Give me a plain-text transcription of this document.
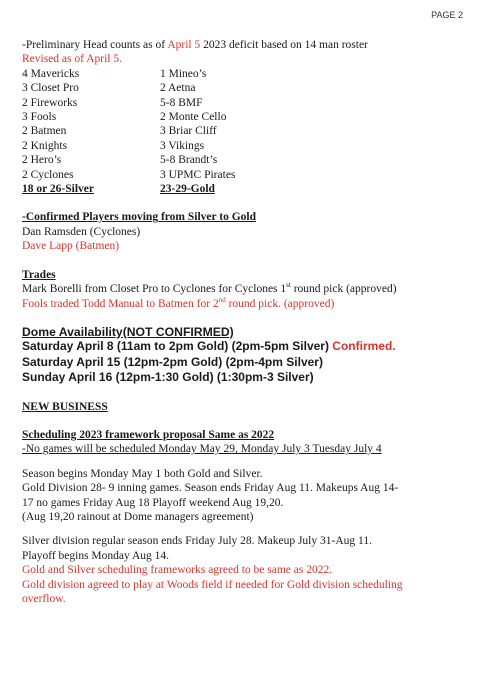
PAGE 2
-Preliminary Head counts as of April 5 2023 deficit based on 14 man roster
Revised as of April 5.
4 Mavericks
3 Closet Pro
2 Fireworks
3 Fools
2 Batmen
2 Knights
2 Hero’s
2 Cyclones
18 or 26-Silver
1 Mineo’s
2 Aetna
5-8 BMF
2 Monte Cello
3 Briar Cliff
3 Vikings
5-8 Brandt’s
3 UPMC Pirates
23-29-Gold
-Confirmed Players moving from Silver to Gold
Dan Ramsden (Cyclones)
Dave Lapp (Batmen)
Trades
Mark Borelli from Closet Pro to Cyclones for Cyclones 1st round pick (approved)
Fools traded Todd Manual to Batmen for 2nd round pick. (approved)
Dome Availability(NOT CONFIRMED)
Saturday April 8 (11am to 2pm Gold) (2pm-5pm Silver) Confirmed.
Saturday April 15 (12pm-2pm Gold) (2pm-4pm Silver)
Sunday April 16 (12pm-1:30 Gold) (1:30pm-3 Silver)
NEW BUSINESS
Scheduling 2023 framework proposal Same as 2022
-No games will be scheduled Monday May 29, Monday July 3 Tuesday July 4
Season begins Monday May 1 both Gold and Silver.
Gold Division 28- 9 inning games. Season ends Friday Aug 11. Makeups Aug 14-
17 no games Friday Aug 18 Playoff weekend Aug 19,20.
(Aug 19,20 rainout at Dome managers agreement)
Silver division regular season ends Friday July 28. Makeup July 31-Aug 11.
Playoff begins Monday Aug 14.
Gold and Silver scheduling frameworks agreed to be same as 2022.
Gold division agreed to play at Woods field if needed for Gold division scheduling
overflow.
